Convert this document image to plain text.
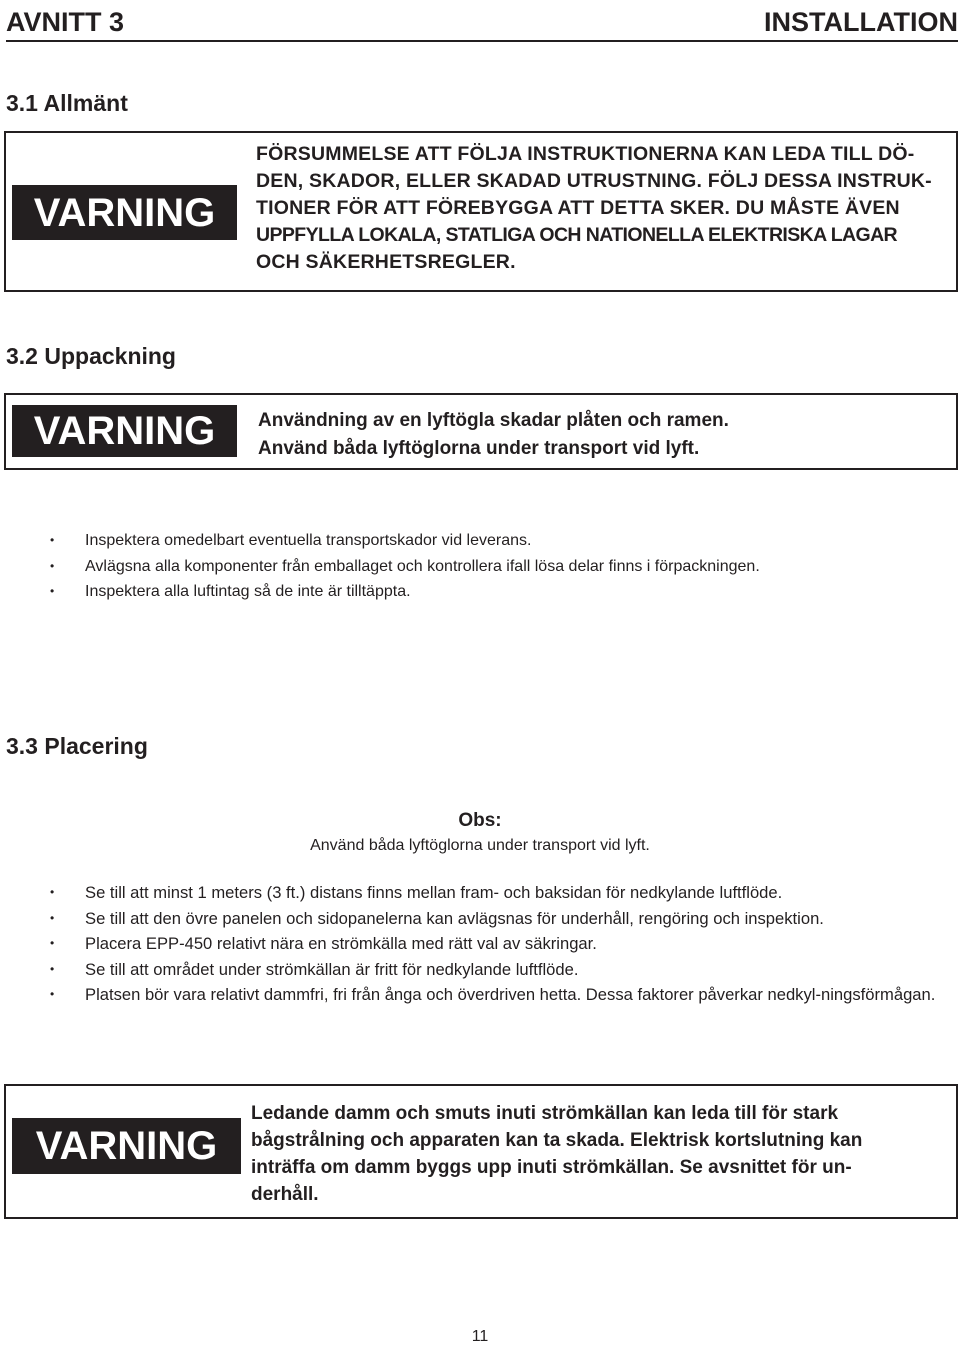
AVNITT 3	INSTALLATION
3.1 Allmänt
VARNING
FÖRSUMMELSE ATT FÖLJA INSTRUKTIONERNA KAN LEDA TILL DÖ-
DEN, SKADOR, ELLER SKADAD UTRUSTNING. FÖLJ DESSA INSTRUK-
TIONER FÖR ATT FÖREBYGGA ATT DETTA SKER. DU MÅSTE ÄVEN
UPPFYLLA LOKALA, STATLIGA OCH NATIONELLA ELEKTRISKA LAGAR
OCH SÄKERHETSREGLER.
3.2 Uppackning
VARNING	Användning av en lyftögla skadar plåten och ramen.
Använd båda lyftöglorna under transport vid lyft.
• Inspektera omedelbart eventuella transportskador vid leverans.
• Avlägsna alla komponenter från emballaget och kontrollera ifall lösa delar finns i förpackningen.
• Inspektera alla luftintag så de inte är tilltäppta.
3.3 Placering
Obs:
Använd båda lyftöglorna under transport vid lyft.
• Se till att minst 1 meters (3 ft.) distans finns mellan fram- och baksidan för nedkylande luftflöde.
• Se till att den övre panelen och sidopanelerna kan avlägsnas för underhåll, rengöring och inspektion.
• Placera EPP-450 relativt nära en strömkälla med rätt val av säkringar.
• Se till att området under strömkällan är fritt för nedkylande luftflöde.
• Platsen bör vara relativt dammfri, fri från ånga och överdriven hetta. Dessa faktorer påverkar nedkyl-ningsförmågan.
VARNING
Ledande damm och smuts inuti strömkällan kan leda till för stark
bågstrålning och apparaten kan ta skada. Elektrisk kortslutning kan
inträffa om damm byggs upp inuti strömkällan. Se avsnittet för un-
derhåll.
11
